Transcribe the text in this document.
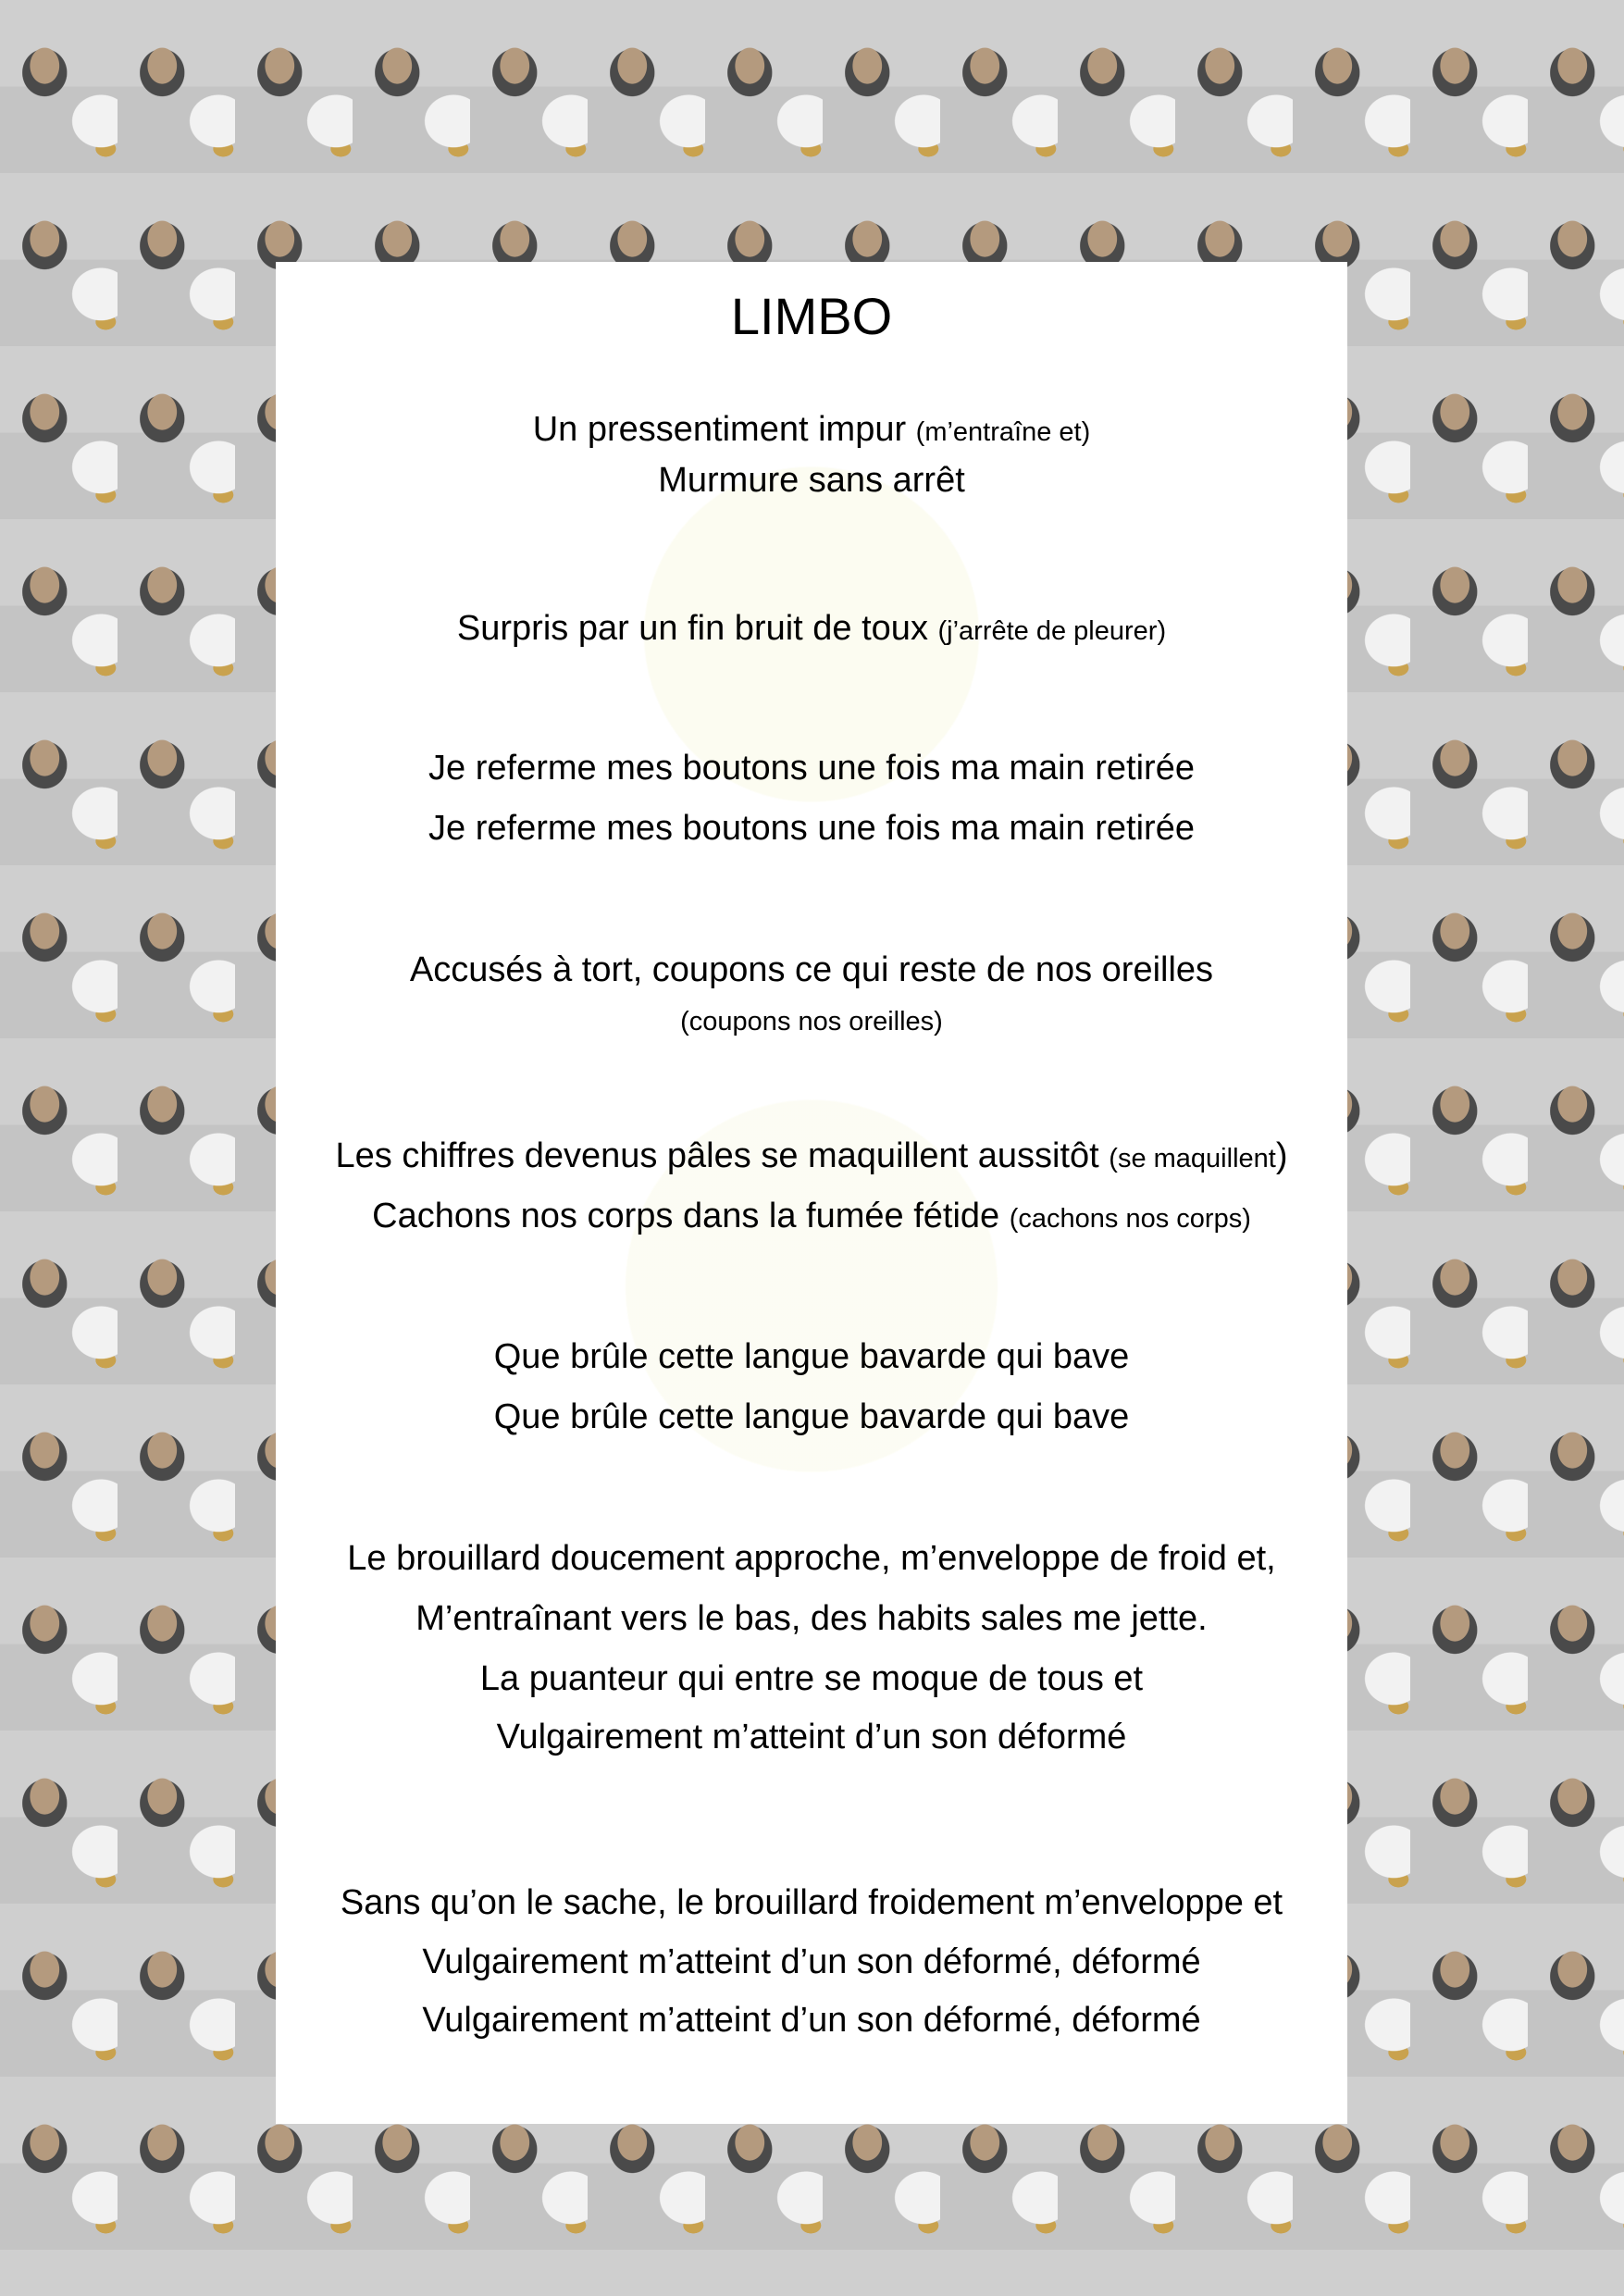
LIMBO
Un pressentiment impur (m’entraîne et)
Murmure sans arrêt
Surpris par un fin bruit de toux (j’arrête de pleurer)
Je referme mes boutons une fois ma main retirée
Je referme mes boutons une fois ma main retirée
Accusés à tort, coupons ce qui reste de nos oreilles
(coupons nos oreilles)
Les chiffres devenus pâles se maquillent aussitôt (se maquillent)
Cachons nos corps dans la fumée fétide (cachons nos corps)
Que brûle cette langue bavarde qui bave
Que brûle cette langue bavarde qui bave
Le brouillard doucement approche, m’enveloppe de froid et,
M’entraînant vers le bas, des habits sales me jette.
La puanteur qui entre se moque de tous et
Vulgairement m’atteint d’un son déformé
Sans qu’on le sache, le brouillard froidement m’enveloppe et
Vulgairement m’atteint d’un son déformé, déformé
Vulgairement m’atteint d’un son déformé, déformé
